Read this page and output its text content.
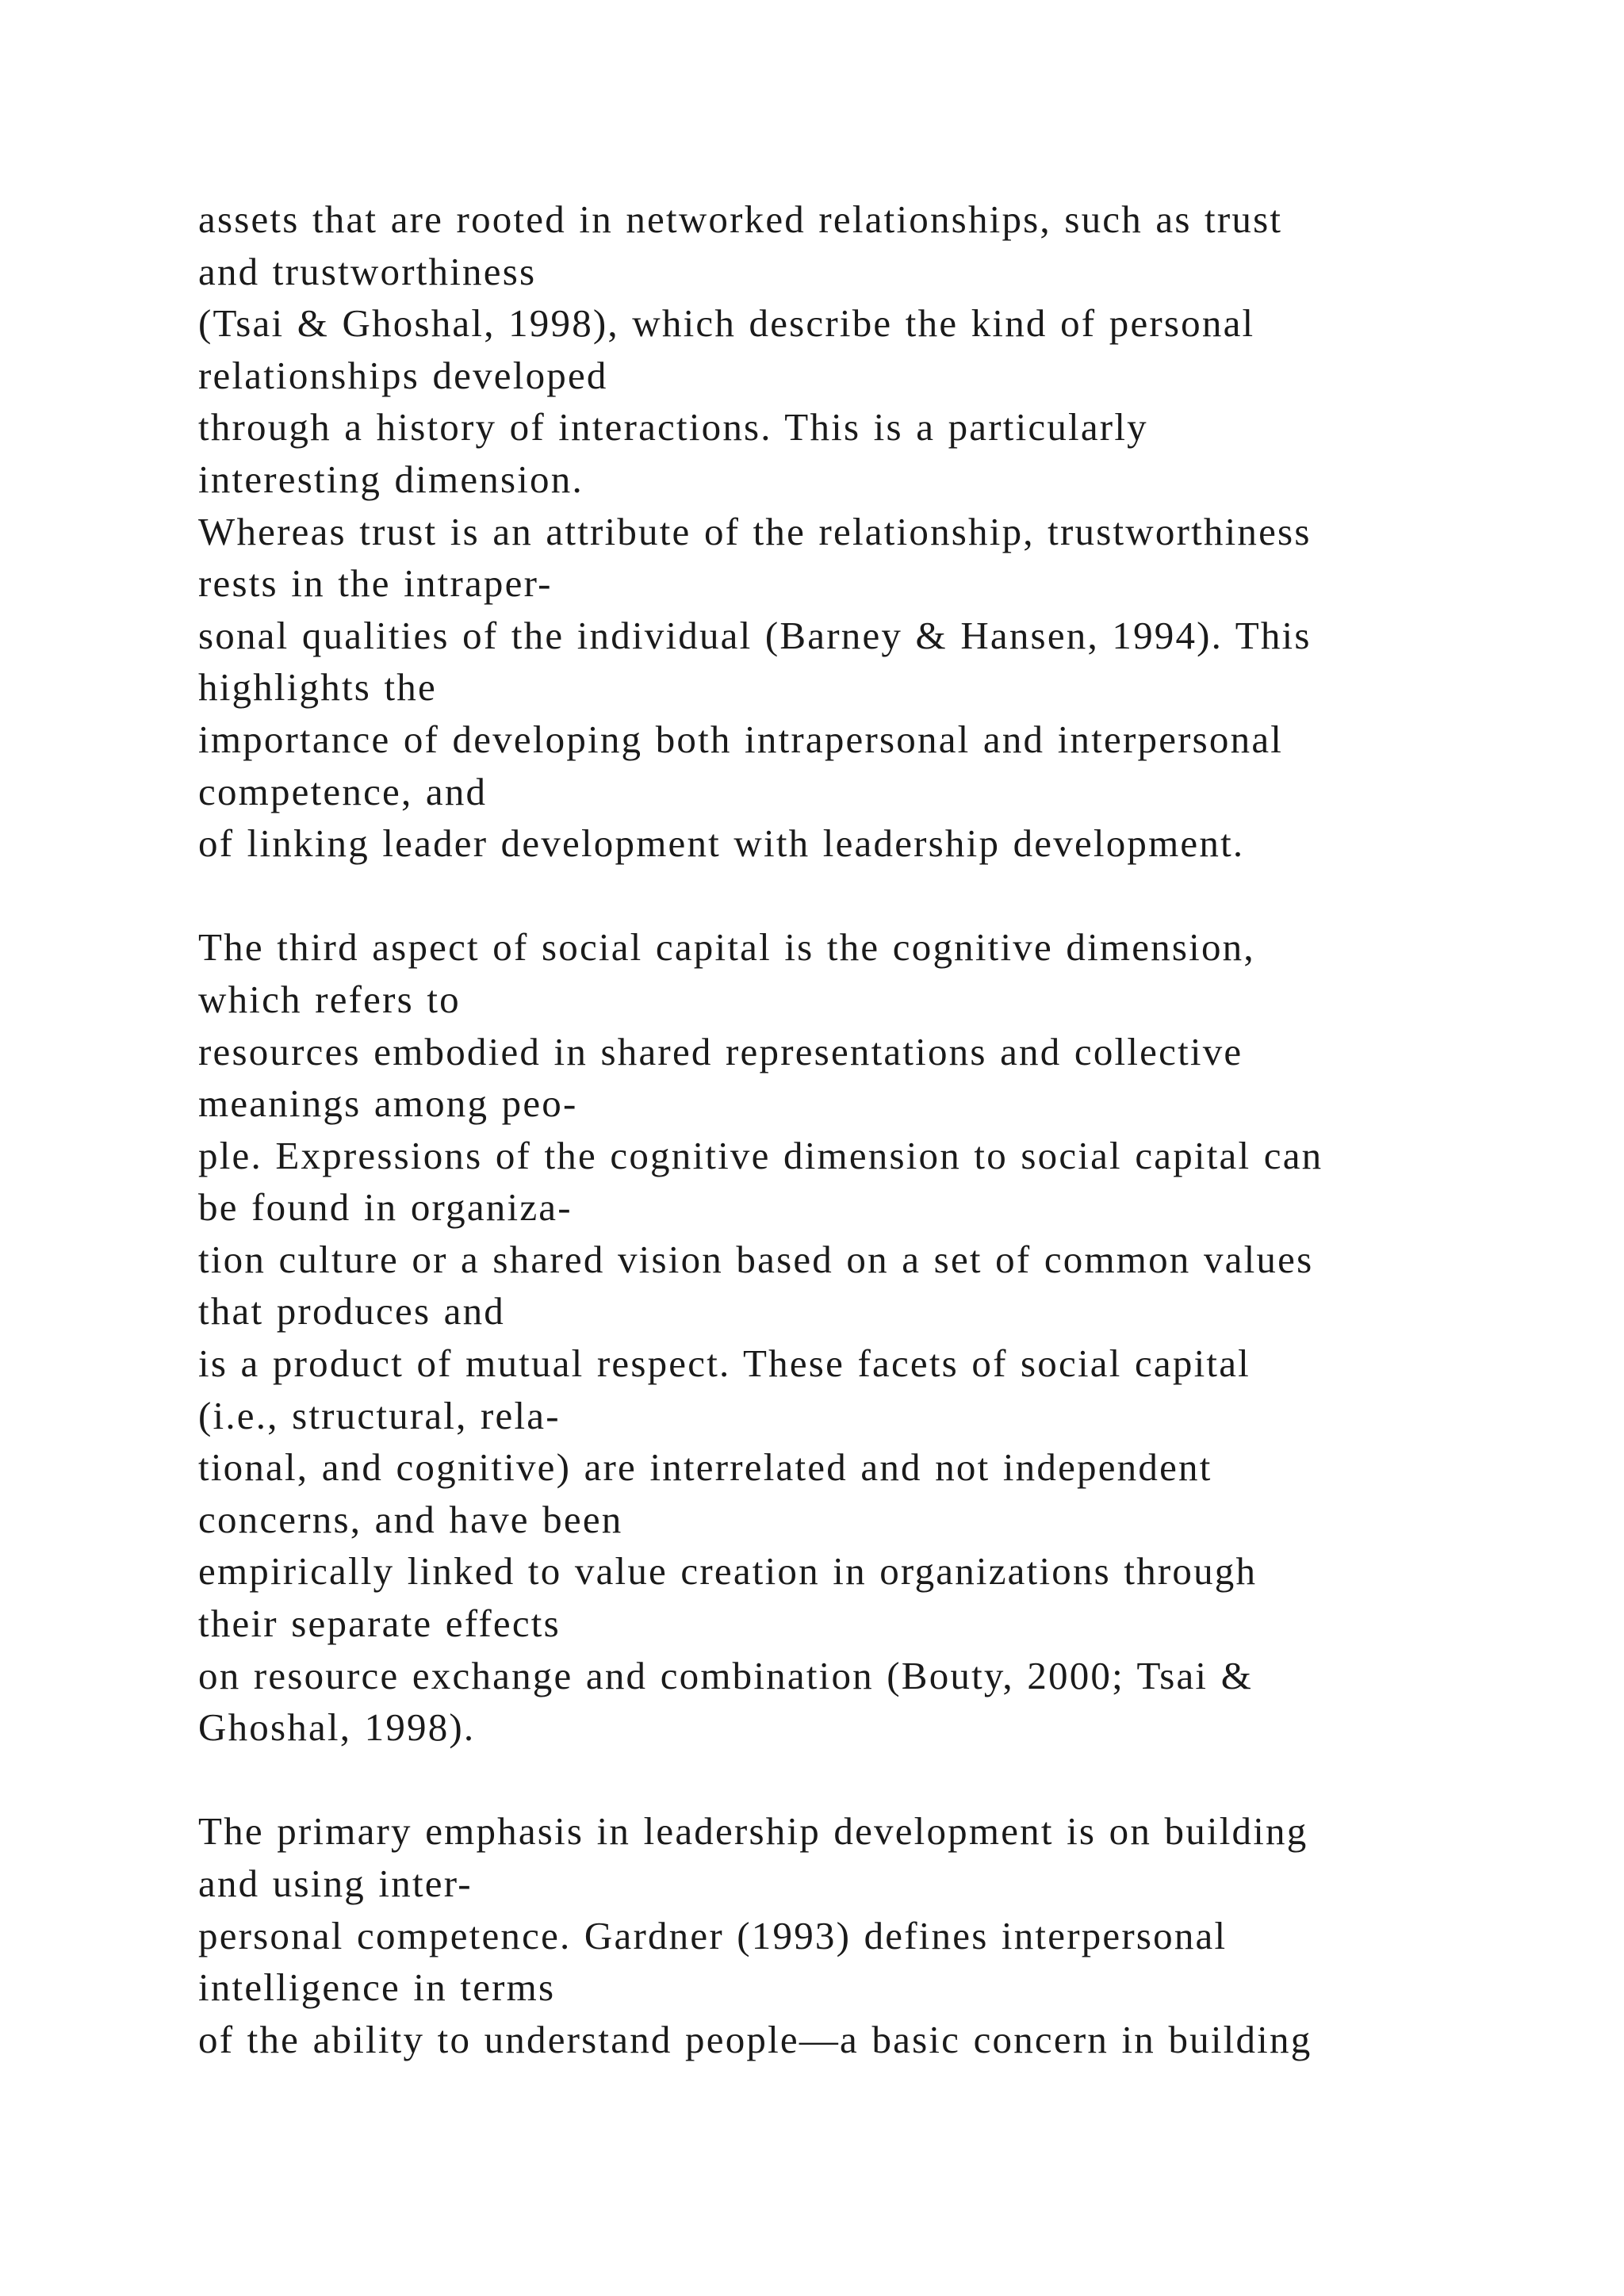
assets that are rooted in networked relationships, such as trust
and trustworthiness
(Tsai & Ghoshal, 1998), which describe the kind of personal
relationships developed
through a history of interactions. This is a particularly
interesting dimension.
Whereas trust is an attribute of the relationship, trustworthiness
rests in the intraper-
sonal qualities of the individual (Barney & Hansen, 1994). This
highlights the
importance of developing both intrapersonal and interpersonal
competence, and
of linking leader development with leadership development.
The third aspect of social capital is the cognitive dimension,
which refers to
resources embodied in shared representations and collective
meanings among peo-
ple. Expressions of the cognitive dimension to social capital can
be found in organiza-
tion culture or a shared vision based on a set of common values
that produces and
is a product of mutual respect. These facets of social capital
(i.e., structural, rela-
tional, and cognitive) are interrelated and not independent
concerns, and have been
empirically linked to value creation in organizations through
their separate effects
on resource exchange and combination (Bouty, 2000; Tsai &
Ghoshal, 1998).
The primary emphasis in leadership development is on building
and using inter-
personal competence. Gardner (1993) defines interpersonal
intelligence in terms
of the ability to understand people—a basic concern in building
